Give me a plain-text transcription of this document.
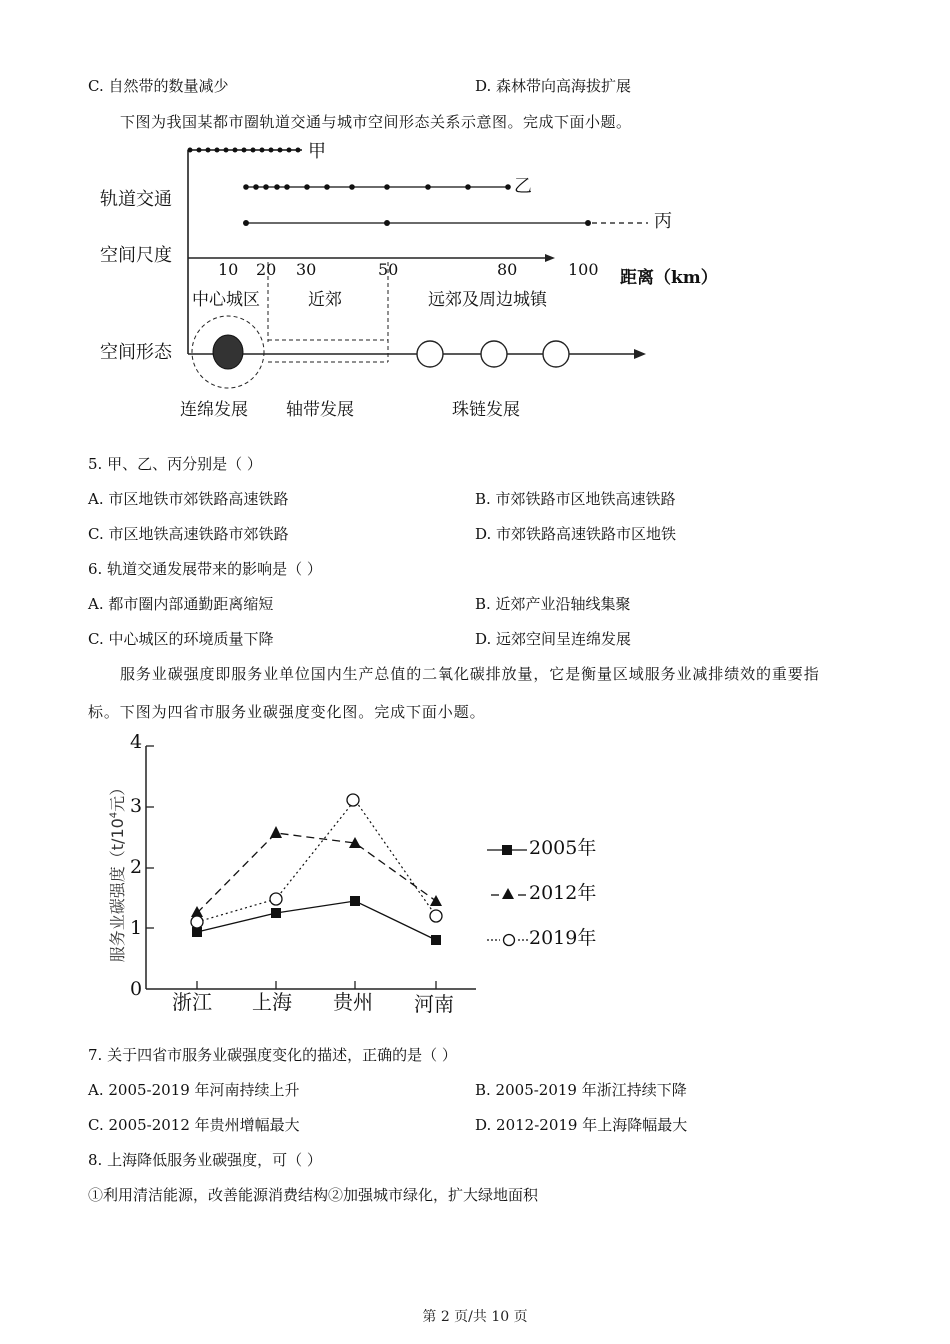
C. 自然带的数量减少	D. 森林带向高海拔扩展
下图为我国某都市圈轨道交通与城市空间形态关系示意图。完成下面小题。
甲
乙
丙
轨道交通
空间尺度
空间形态
10 20 30	50	80	100 距离（km）
中心城区	近郊	远郊及周边城镇
连绵发展 轴带发展	珠链发展
5. 甲、乙、丙分别是（ ）
A. 市区地铁市郊铁路高速铁路	B. 市郊铁路市区地铁高速铁路
C. 市区地铁高速铁路市郊铁路	D. 市郊铁路高速铁路市区地铁
6. 轨道交通发展带来的影响是（ ）
A. 都市圈内部通勤距离缩短	B. 近郊产业沿轴线集聚
C. 中心城区的环境质量下降	D. 远郊空间呈连绵发展
服务业碳强度即服务业单位国内生产总值的二氧化碳排放量，它是衡量区域服务业减排绩效的重要指
标。下图为四省市服务业碳强度变化图。完成下面小题。
4
3
2
1
0
服务业碳强度（$t/10^4$元）
浙江 上海 贵州 河南
2005年
2012年
2019年
7. 关于四省市服务业碳强度变化的描述，正确的是（ ）
A. 2005-2019 年河南持续上升	B. 2005-2019 年浙江持续下降
C. 2005-2012 年贵州增幅最大	D. 2012-2019 年上海降幅最大
8. 上海降低服务业碳强度，可（ ）
①利用清洁能源，改善能源消费结构②加强城市绿化，扩大绿地面积
第 2 页/共 10 页
